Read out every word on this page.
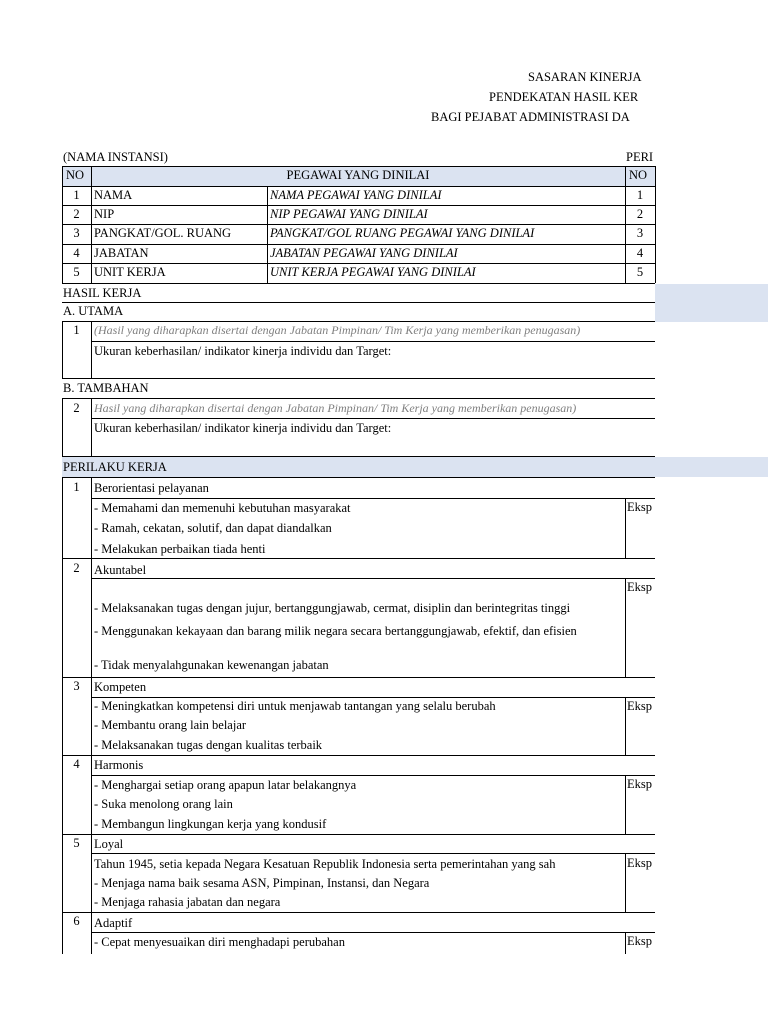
SASARAN KINERJA
PENDEKATAN HASIL KER
BAGI PEJABAT ADMINISTRASI DA
(NAMA INSTANSI)	PERI
NO	PEGAWAI YANG DINILAI	NO
1	NAMA	NAMA PEGAWAI YANG DINILAI	1
2	NIP	NIP PEGAWAI YANG DINILAI	2
3	PANGKAT/GOL. RUANG	PANGKAT/GOL RUANG PEGAWAI YANG DINILAI	3
4	JABATAN	JABATAN PEGAWAI YANG DINILAI	4
5	UNIT KERJA	UNIT KERJA PEGAWAI YANG DINILAI	5
HASIL KERJA
A. UTAMA
1	(Hasil yang diharapkan disertai dengan Jabatan Pimpinan/ Tim Kerja yang memberikan penugasan)
Ukuran keberhasilan/ indikator kinerja individu dan Target:
B. TAMBAHAN
2	Hasil yang diharapkan disertai dengan Jabatan Pimpinan/ Tim Kerja yang memberikan penugasan)
Ukuran keberhasilan/ indikator kinerja individu dan Target:
PERILAKU KERJA
1	Berorientasi pelayanan
- Memahami dan memenuhi kebutuhan masyarakat
- Ramah, cekatan, solutif, dan dapat diandalkan
- Melakukan perbaikan tiada henti
Eksp
2	Akuntabel
- Melaksanakan tugas dengan jujur, bertanggungjawab, cermat, disiplin dan berintegritas tinggi
- Menggunakan kekayaan dan barang milik negara secara bertanggungjawab, efektif, dan efisien
- Tidak menyalahgunakan kewenangan jabatan
Eksp
3	Kompeten
- Meningkatkan kompetensi diri untuk menjawab tantangan yang selalu berubah
- Membantu orang lain belajar
- Melaksanakan tugas dengan kualitas terbaik
Eksp
4	Harmonis
- Menghargai setiap orang apapun latar belakangnya
- Suka menolong orang lain
- Membangun lingkungan kerja yang kondusif
Eksp
5	Loyal
Tahun 1945, setia kepada Negara Kesatuan Republik Indonesia serta pemerintahan yang sah
- Menjaga nama baik sesama ASN, Pimpinan, Instansi, dan Negara
- Menjaga rahasia jabatan dan negara
Eksp
6	Adaptif
- Cepat menyesuaikan diri menghadapi perubahan	Eksp
